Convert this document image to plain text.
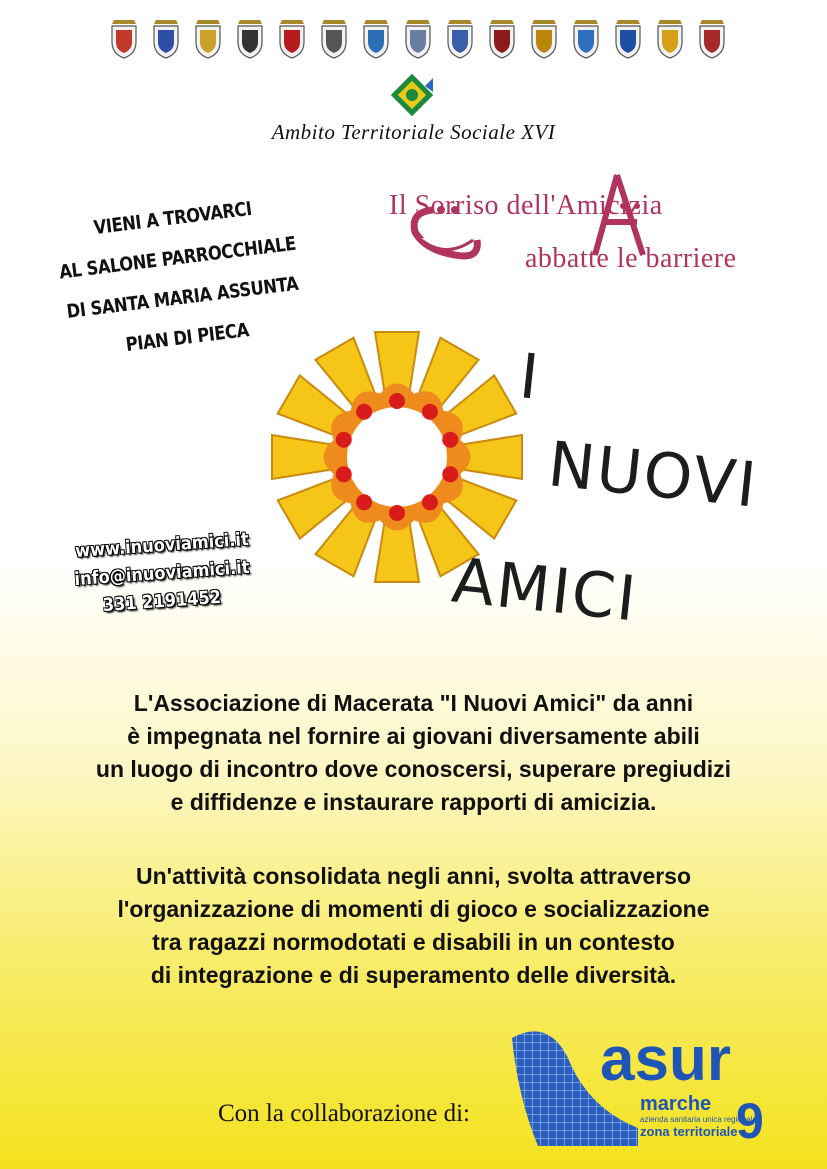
Ambito Territoriale Sociale XVI
Il Sorriso dell'Amicizia
abbatte le barriere
VIENI A TROVARCI
AL SALONE PARROCCHIALE
DI SANTA MARIA ASSUNTA
PIAN DI PIECA
I
NUOVI
AMICI
www.inuoviamici.it
info@inuoviamici.it
331 2191452
L'Associazione di Macerata "I Nuovi Amici" da anni
è impegnata nel fornire ai giovani diversamente abili
un luogo di incontro dove conoscersi, superare pregiudizi
e diffidenze e instaurare rapporti di amicizia.
Un'attività consolidata negli anni, svolta attraverso
l'organizzazione di momenti di gioco e socializzazione
tra ragazzi normodotati e disabili in un contesto
di integrazione e di superamento delle diversità.
Con la collaborazione di:
asur
marche 9
azienda sanitaria unica regionale
zona territoriale
